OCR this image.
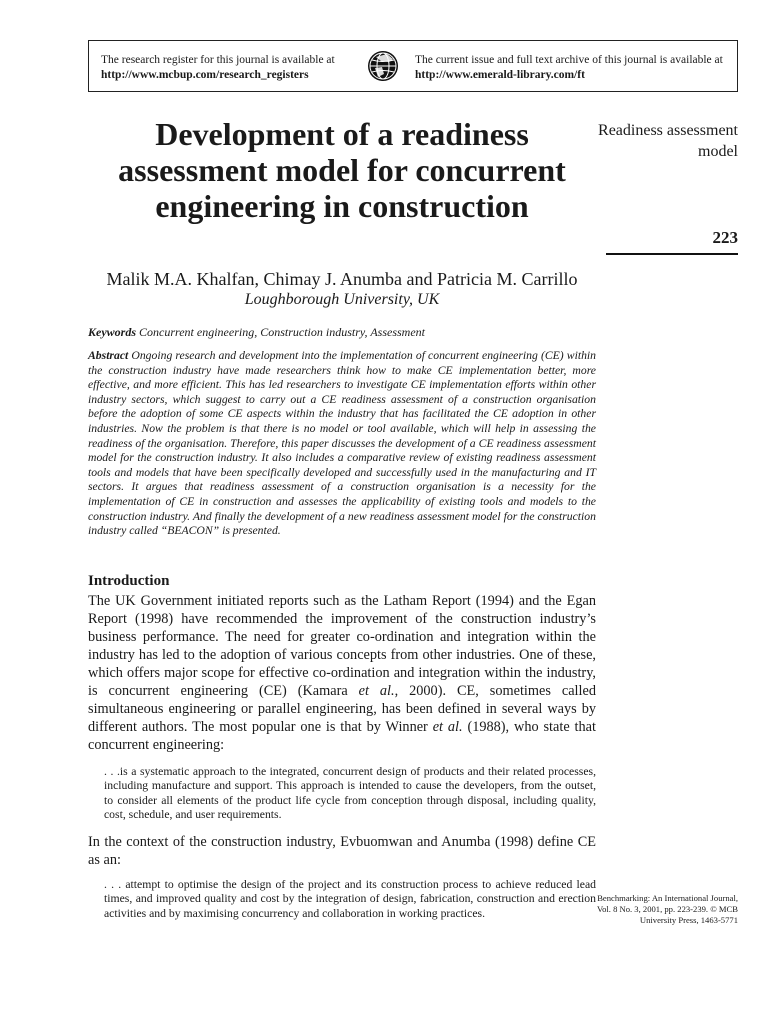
The research register for this journal is available at
http://www.mcbup.com/research_registers
The current issue and full text archive of this journal is available at
http://www.emerald-library.com/ft
Development of a readiness assessment model for concurrent engineering in construction
Malik M.A. Khalfan, Chimay J. Anumba and Patricia M. Carrillo
Loughborough University, UK
Keywords Concurrent engineering, Construction industry, Assessment

Abstract Ongoing research and development into the implementation of concurrent engineering (CE) within the construction industry have made researchers think how to make CE implementation better, more effective, and more efficient. This has led researchers to investigate CE implementation efforts within other industry sectors, which suggest to carry out a CE readiness assessment of a construction organisation before the adoption of some CE aspects within the industry that has facilitated the CE adoption in other industries. Now the problem is that there is no model or tool available, which will help in assessing the readiness of the organisation. Therefore, this paper discusses the development of a CE readiness assessment model for the construction industry. It also includes a comparative review of existing readiness assessment tools and models that have been specifically developed and successfully used in the manufacturing and IT sectors. It argues that readiness assessment of a construction organisation is a necessity for the implementation of CE in construction and assesses the applicability of existing tools and models to the construction industry. And finally the development of a new readiness assessment model for the construction industry called “BEACON” is presented.

Introduction

The UK Government initiated reports such as the Latham Report (1994) and the Egan Report (1998) have recommended the improvement of the construction industry’s business performance. The need for greater co-ordination and integration within the industry has led to the adoption of various concepts from other industries. One of these, which offers major scope for effective co-ordination and integration within the industry, is concurrent engineering (CE) (Kamara et al., 2000). CE, sometimes called simultaneous engineering or parallel engineering, has been defined in several ways by different authors. The most popular one is that by Winner et al. (1988), who state that concurrent engineering:

. . .is a systematic approach to the integrated, concurrent design of products and their related processes, including manufacture and support. This approach is intended to cause the developers, from the outset, to consider all elements of the product life cycle from conception through disposal, including quality, cost, schedule, and user requirements.

In the context of the construction industry, Evbuomwan and Anumba (1998) define CE as an:

. . . attempt to optimise the design of the project and its construction process to achieve reduced lead times, and improved quality and cost by the integration of design, fabrication, construction and erection activities and by maximising concurrency and collaboration in working practices.

Readiness assessment model
223
Benchmarking: An International Journal, Vol. 8 No. 3, 2001, pp. 223-239. © MCB University Press, 1463-5771
